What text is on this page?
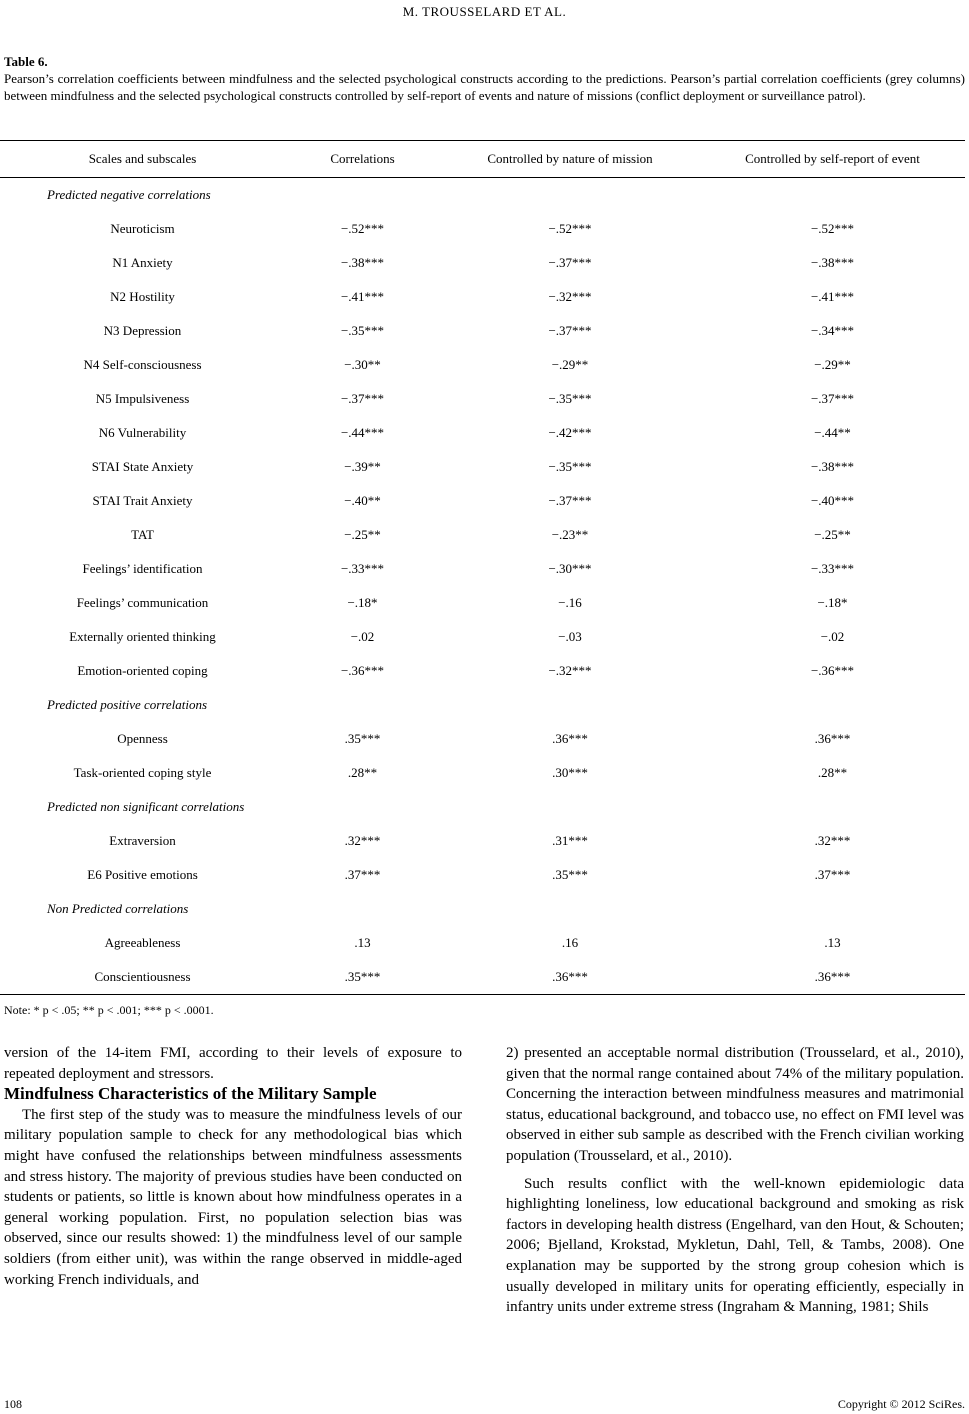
M. TROUSSELARD ET AL.
Table 6.
Pearson’s correlation coefficients between mindfulness and the selected psychological constructs according to the predictions. Pearson’s partial correlation coefficients (grey columns) between mindfulness and the selected psychological constructs controlled by self-report of events and nature of missions (conflict deployment or surveillance patrol).
Scales and subscales	Correlations	Controlled by nature of mission	Controlled by self-report of event
Predicted negative correlations			
Neuroticism	−.52***	−.52***	−.52***
N1 Anxiety	−.38***	−.37***	−.38***
N2 Hostility	−.41***	−.32***	−.41***
N3 Depression	−.35***	−.37***	−.34***
N4 Self-consciousness	−.30**	−.29**	−.29**
N5 Impulsiveness	−.37***	−.35***	−.37***
N6 Vulnerability	−.44***	−.42***	−.44**
STAI State Anxiety	−.39**	−.35***	−.38***
STAI Trait Anxiety	−.40**	−.37***	−.40***
TAT	−.25**	−.23**	−.25**
Feelings’ identification	−.33***	−.30***	−.33***
Feelings’ communication	−.18*	−.16	−.18*
Externally oriented thinking	−.02	−.03	−.02
Emotion-oriented coping	−.36***	−.32***	−.36***
Predicted positive correlations			
Openness	.35***	.36***	.36***
Task-oriented coping style	.28**	.30***	.28**
Predicted non significant correlations			
Extraversion	.32***	.31***	.32***
E6 Positive emotions	.37***	.35***	.37***
Non Predicted correlations			
Agreeableness	.13	.16	.13
Conscientiousness	.35***	.36***	.36***
Note: * p < .05; ** p < .001; *** p < .0001.

version of the 14-item FMI, according to their levels of exposure to repeated deployment and stressors.

Mindfulness Characteristics of the Military Sample

The first step of the study was to measure the mindfulness levels of our military population sample to check for any methodological bias which might have confused the relationships between mindfulness assessments and stress history. The majority of previous studies have been conducted on students or patients, so little is known about how mindfulness operates in a general working population. First, no population selection bias was observed, since our results showed: 1) the mindfulness level of our sample soldiers (from either unit), was within the range observed in middle-aged working French individuals, and

2) presented an acceptable normal distribution (Trousselard, et al., 2010), given that the normal range contained about 74% of the military population. Concerning the interaction between mindfulness measures and matrimonial status, educational background, and tobacco use, no effect on FMI level was observed in either sub sample as described with the French civilian working population (Trousselard, et al., 2010).

Such results conflict with the well-known epidemiologic data highlighting loneliness, low educational background and smoking as risk factors in developing health distress (Engelhard, van den Hout, & Schouten; 2006; Bjelland, Krokstad, Mykletun, Dahl, Tell, & Tambs, 2008). One explanation may be supported by the strong group cohesion which is usually developed in military units for operating efficiently, especially in infantry units under extreme stress (Ingraham & Manning, 1981; Shils

108	Copyright © 2012 SciRes.
